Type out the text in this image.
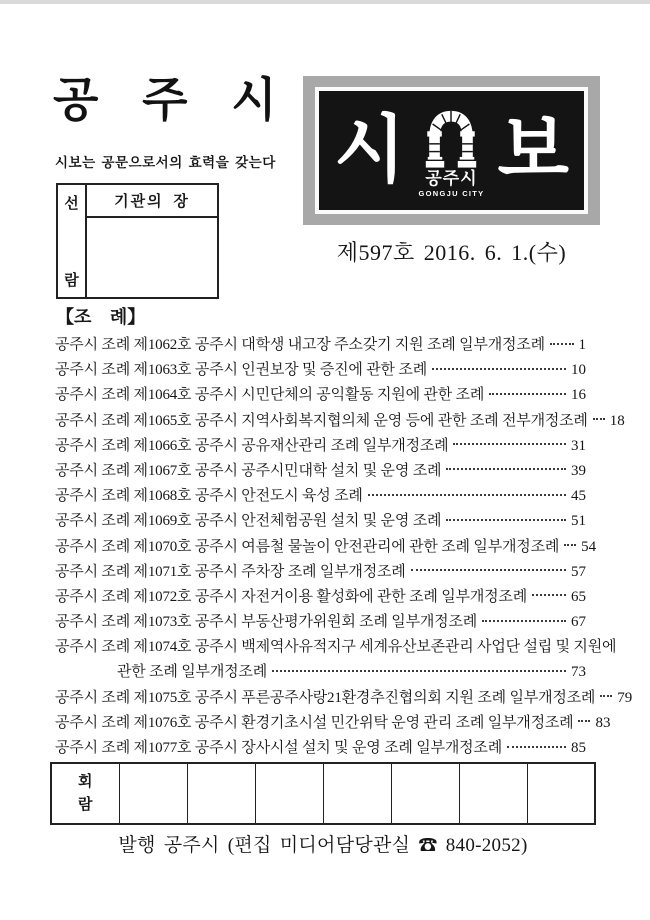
공 주 시
시보는 공문으로서의 효력을 갖는다
선
람
기관의 장
시 공주시
GONGJU CITY
보
제597호 2016. 6. 1.(수)
【조 례】
공주시 조례 제1062호 공주시 대학생 내고장 주소갖기 지원 조례 일부개정조례 1
공주시 조례 제1063호 공주시 인권보장 및 증진에 관한 조례	10
공주시 조례 제1064호 공주시 시민단체의 공익활동 지원에 관한 조례	16
공주시 조례 제1065호 공주시 지역사회복지협의체 운영 등에 관한 조례 전부개정조례 18
공주시 조례 제1066호 공주시 공유재산관리 조례 일부개정조례	31
공주시 조례 제1067호 공주시 공주시민대학 설치 및 운영 조례	39
공주시 조례 제1068호 공주시 안전도시 육성 조례	45
공주시 조례 제1069호 공주시 안전체험공원 설치 및 운영 조례	51
공주시 조례 제1070호 공주시 여름철 물놀이 안전관리에 관한 조례 일부개정조례 54
공주시 조례 제1071호 공주시 주차장 조례 일부개정조례	57
공주시 조례 제1072호 공주시 자전거이용 활성화에 관한 조례 일부개정조례	65
공주시 조례 제1073호 공주시 부동산평가위원회 조례 일부개정조례	67
공주시 조례 제1074호 공주시 백제역사유적지구 세계유산보존관리 사업단 설립 및 지원에
관한 조례 일부개정조례	73
공주시 조례 제1075호 공주시 푸른공주사랑21환경추진협의회 지원 조례 일부개정조례 79
공주시 조례 제1076호 공주시 환경기초시설 민간위탁 운영 관리 조례 일부개정조례 83
공주시 조례 제1077호 공주시 장사시설 설치 및 운영 조례 일부개정조례	85
회
람

발행 공주시 (편집 미디어담당관실 ☎ 840-2052)
